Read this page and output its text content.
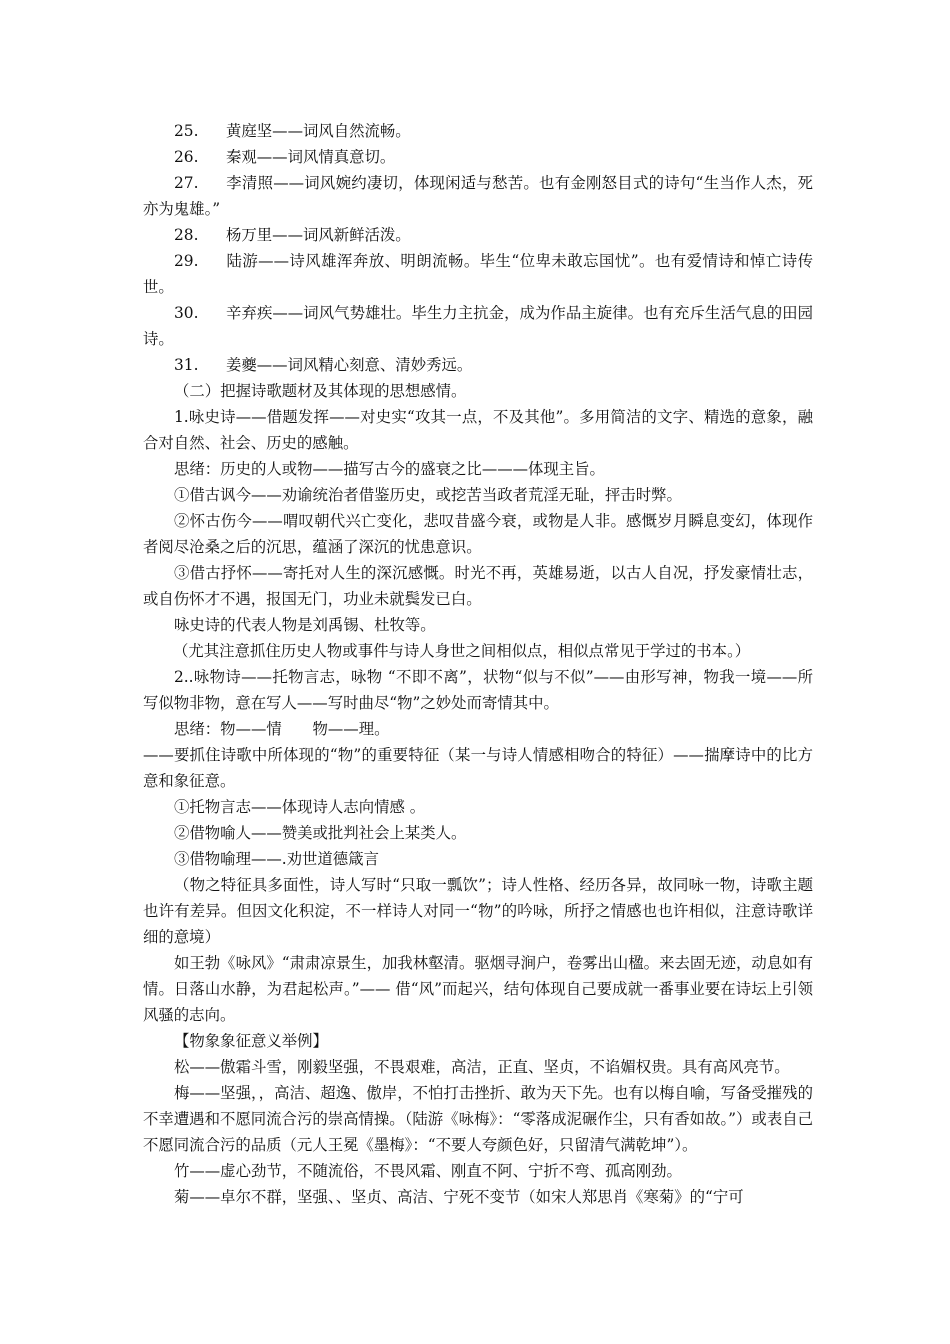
25. 黄庭坚——词风自然流畅。

26. 秦观——词风情真意切。

27. 李清照——词风婉约凄切，体现闲适与愁苦。也有金刚怒目式的诗句“生当作人杰，死亦为鬼雄。”

28. 杨万里——词风新鲜活泼。

29. 陆游——诗风雄浑奔放、明朗流畅。毕生“位卑未敢忘国忧”。也有爱情诗和悼亡诗传世。

30. 辛弃疾——词风气势雄壮。毕生力主抗金，成为作品主旋律。也有充斥生活气息的田园诗。

31. 姜夔——词风精心刻意、清妙秀远。

（二）把握诗歌题材及其体现的思想感情。

1.咏史诗——借题发挥——对史实“攻其一点，不及其他”。多用简洁的文字、精选的意象，融合对自然、社会、历史的感触。

思绪：历史的人或物——描写古今的盛衰之比———体现主旨。

①借古讽今——劝谕统治者借鉴历史，或挖苦当政者荒淫无耻，抨击时弊。

②怀古伤今——喟叹朝代兴亡变化，悲叹昔盛今衰，或物是人非。感慨岁月瞬息变幻，体现作者阅尽沧桑之后的沉思，蕴涵了深沉的忧患意识。

③借古抒怀——寄托对人生的深沉感慨。时光不再，英雄易逝，以古人自况，抒发豪情壮志，或自伤怀才不遇，报国无门，功业未就鬓发已白。

咏史诗的代表人物是刘禹锡、杜牧等。

（尤其注意抓住历史人物或事件与诗人身世之间相似点，相似点常见于学过的书本。）

2..咏物诗——托物言志，咏物 “不即不离”，状物“似与不似”——由形写神，物我一境——所写似物非物，意在写人——写时曲尽“物”之妙处而寄情其中。

思绪：物——情　　物——理。

——要抓住诗歌中所体现的“物”的重要特征（某一与诗人情感相吻合的特征）——揣摩诗中的比方意和象征意。

①托物言志——体现诗人志向情感 。

②借物喻人——赞美或批判社会上某类人。

③借物喻理——.劝世道德箴言

（物之特征具多面性，诗人写时“只取一瓢饮”；诗人性格、经历各异，故同咏一物，诗歌主题也许有差异。但因文化积淀，不一样诗人对同一“物”的吟咏，所抒之情感也也许相似，注意诗歌详细的意境）

如王勃《咏风》“肃肃凉景生，加我林壑清。驱烟寻涧户，卷雾出山楹。来去固无迹，动息如有情。日落山水静，为君起松声。”—— 借“风”而起兴，结句体现自己要成就一番事业要在诗坛上引领风骚的志向。

【物象象征意义举例】

松——傲霜斗雪，刚毅坚强，不畏艰难，高洁，正直、坚贞，不谄媚权贵。具有高风亮节。

梅——坚强，，高洁、超逸、傲岸，不怕打击挫折、敢为天下先。也有以梅自喻，写备受摧残的不幸遭遇和不愿同流合污的崇高情操。（陆游《咏梅》：“零落成泥碾作尘，只有香如故。”）或表自己不愿同流合污的品质（元人王冕《墨梅》：“不要人夸颜色好，只留清气满乾坤”）。

竹——虚心劲节，不随流俗，不畏风霜、刚直不阿、宁折不弯、孤高刚劲。

菊——卓尔不群，坚强、、坚贞、高洁、宁死不变节（如宋人郑思肖《寒菊》的“宁可
